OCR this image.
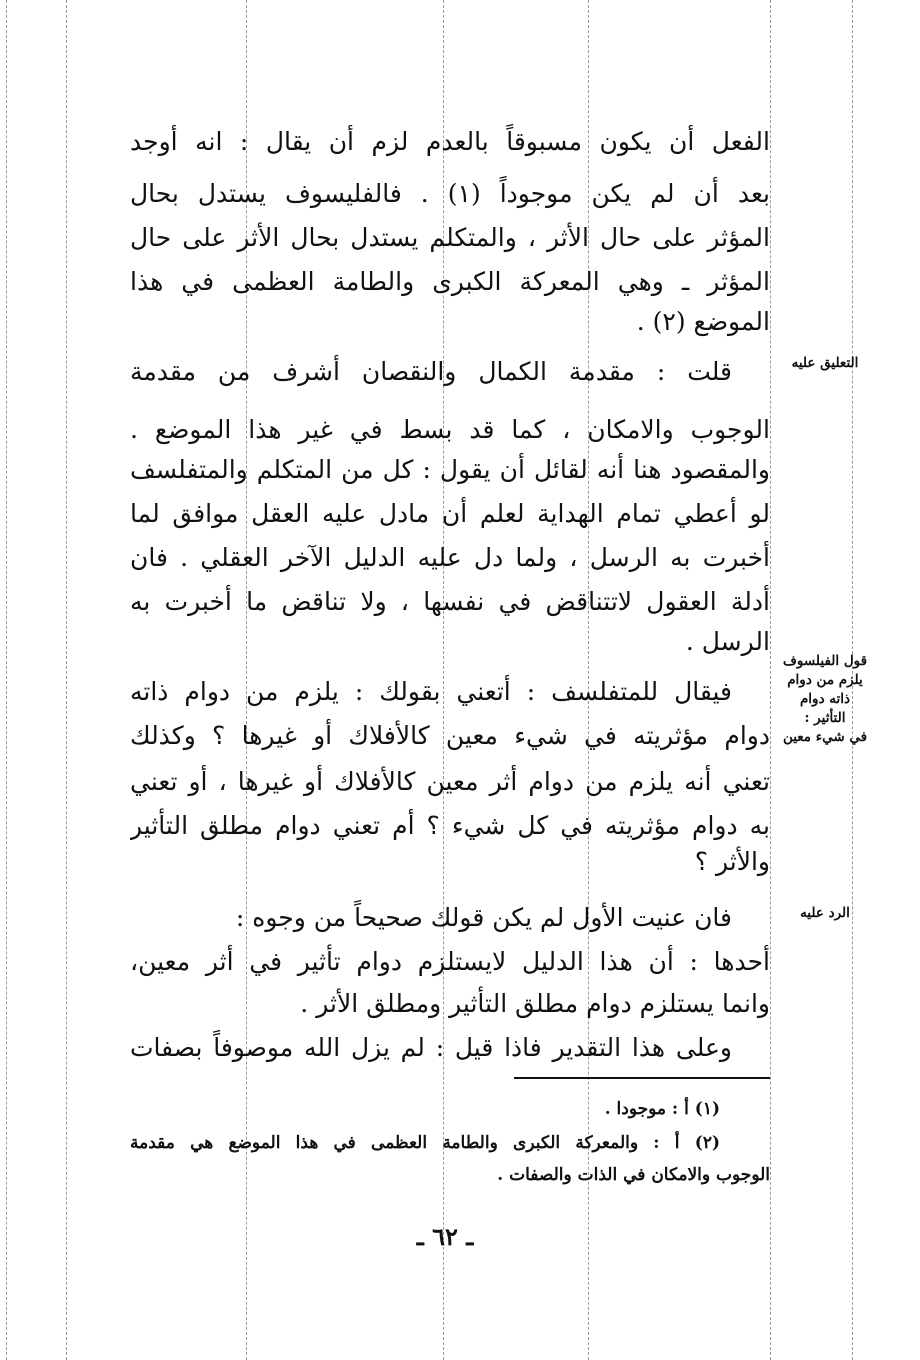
الفعل أن يكون مسبوقاً بالعدم لزم أن يقال : انه أوجد
بعد أن لم يكن موجوداً (١) . فالفليسوف يستدل بحال
المؤثر على حال الأثر ، والمتكلم يستدل بحال الأثر على حال
المؤثر ـ وهي المعركة الكبرى والطامة العظمى في هذا
الموضع (٢) .
التعليق عليه
قلت : مقدمة الكمال والنقصان أشرف من مقدمة
الوجوب والامكان ، كما قد بسط في غير هذا الموضع .
والمقصود هنا أنه لقائل أن يقول : كل من المتكلم والمتفلسف
لو أعطي تمام الهداية لعلم أن مادل عليه العقل موافق لما
أخبرت به الرسل ، ولما دل عليه الدليل الآخر العقلي . فان
أدلة العقول لاتتناقض في نفسها ، ولا تناقض ما أخبرت به
الرسل .
قول الفيلسوف
يلزم من دوام
ذاته دوام
التأثير :
في شيء معين
فيقال للمتفلسف : أتعني بقولك : يلزم من دوام ذاته
دوام مؤثريته في شيء معين كالأفلاك أو غيرها ؟ وكذلك
تعني أنه يلزم من دوام أثر معين كالأفلاك أو غيرها ، أو تعني
به دوام مؤثريته في كل شيء ؟ أم تعني دوام مطلق التأثير
والأثر ؟
الرد عليه
فان عنيت الأول لم يكن قولك صحيحاً من وجوه :
أحدها : أن هذا الدليل لايستلزم دوام تأثير في أثر معين،
وانما يستلزم دوام مطلق التأثير ومطلق الأثر .
وعلى هذا التقدير فاذا قيل : لم يزل الله موصوفاً بصفات
(١) أ : موجودا .
(٢) أ : والمعركة الكبرى والطامة العظمى في هذا الموضع هي مقدمة
الوجوب والامكان في الذات والصفات .
ـ ٦٢ ـ
